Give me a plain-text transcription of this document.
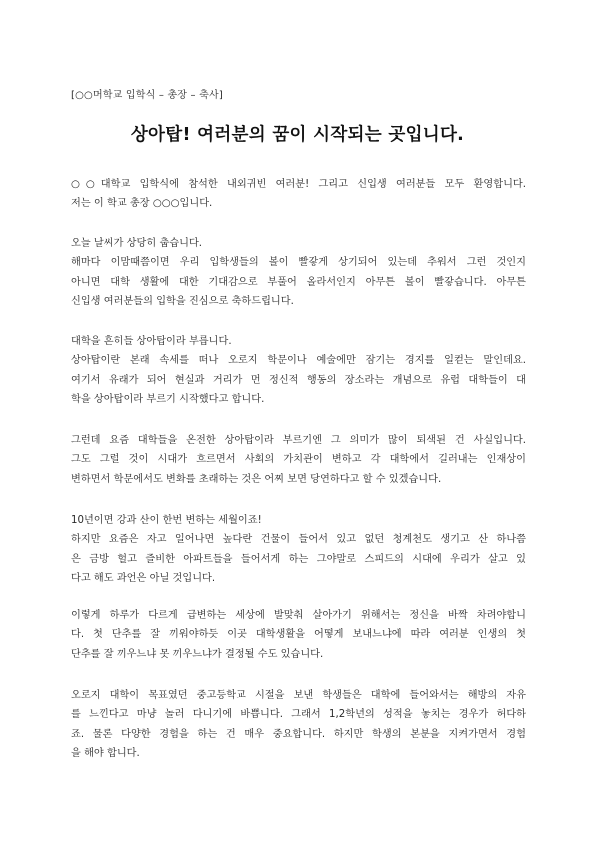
[○○머학교 입학식 – 총장 – 축사]
상아탑! 여러분의 꿈이 시작되는 곳입니다.
○○대학교 입학식에 참석한 내외귀빈 여러분! 그리고 신입생 여러분들 모두 환영합니다.
저는 이 학교 총장 ○○○입니다.
오늘 날씨가 상당히 춥습니다.
해마다 이맘때쯤이면 우리 입학생들의 볼이 빨갛게 상기되어 있는데 추워서 그런 것인지
아니면 대학 생활에 대한 기대감으로 부풀어 올라서인지 아무튼 볼이 빨갛습니다. 아무튼
신입생 여러분들의 입학을 진심으로 축하드립니다.
대학을 흔히들 상아탑이라 부릅니다.
상아탑이란 본래 속세를 떠나 오로지 학문이나 예술에만 잠기는 경지를 일컫는 말인데요.
여기서 유래가 되어 현실과 거리가 먼 정신적 행동의 장소라는 개념으로 유럽 대학들이 대
학을 상아탑이라 부르기 시작했다고 합니다.
그런데 요즘 대학들을 온전한 상아탑이라 부르기엔 그 의미가 많이 퇴색된 건 사실입니다.
그도 그럴 것이 시대가 흐르면서 사회의 가치관이 변하고 각 대학에서 길러내는 인재상이
변하면서 학문에서도 변화를 초래하는 것은 어찌 보면 당연하다고 할 수 있겠습니다.
10년이면 강과 산이 한번 변하는 세월이죠!
하지만 요즘은 자고 일어나면 높다란 건물이 들어서 있고 없던 청계천도 생기고 산 하나쯤
은 금방 헐고 즐비한 아파트들을 들어서게 하는 그야말로 스피드의 시대에 우리가 살고 있
다고 해도 과언은 아닐 것입니다.
이렇게 하루가 다르게 급변하는 세상에 발맞춰 살아가기 위해서는 정신을 바짝 차려야합니
다. 첫 단추를 잘 끼워야하듯 이곳 대학생활을 어떻게 보내느냐에 따라 여러분 인생의 첫
단추를 잘 끼우느냐 못 끼우느냐가 결정될 수도 있습니다.
오로지 대학이 목표였던 중고등학교 시절을 보낸 학생들은 대학에 들어와서는 해방의 자유
를 느낀다고 마냥 놀러 다니기에 바쁩니다. 그래서 1,2학년의 성적을 놓치는 경우가 허다하
죠. 물론 다양한 경험을 하는 건 매우 중요합니다. 하지만 학생의 본분을 지켜가면서 경험
을 해야 합니다.
